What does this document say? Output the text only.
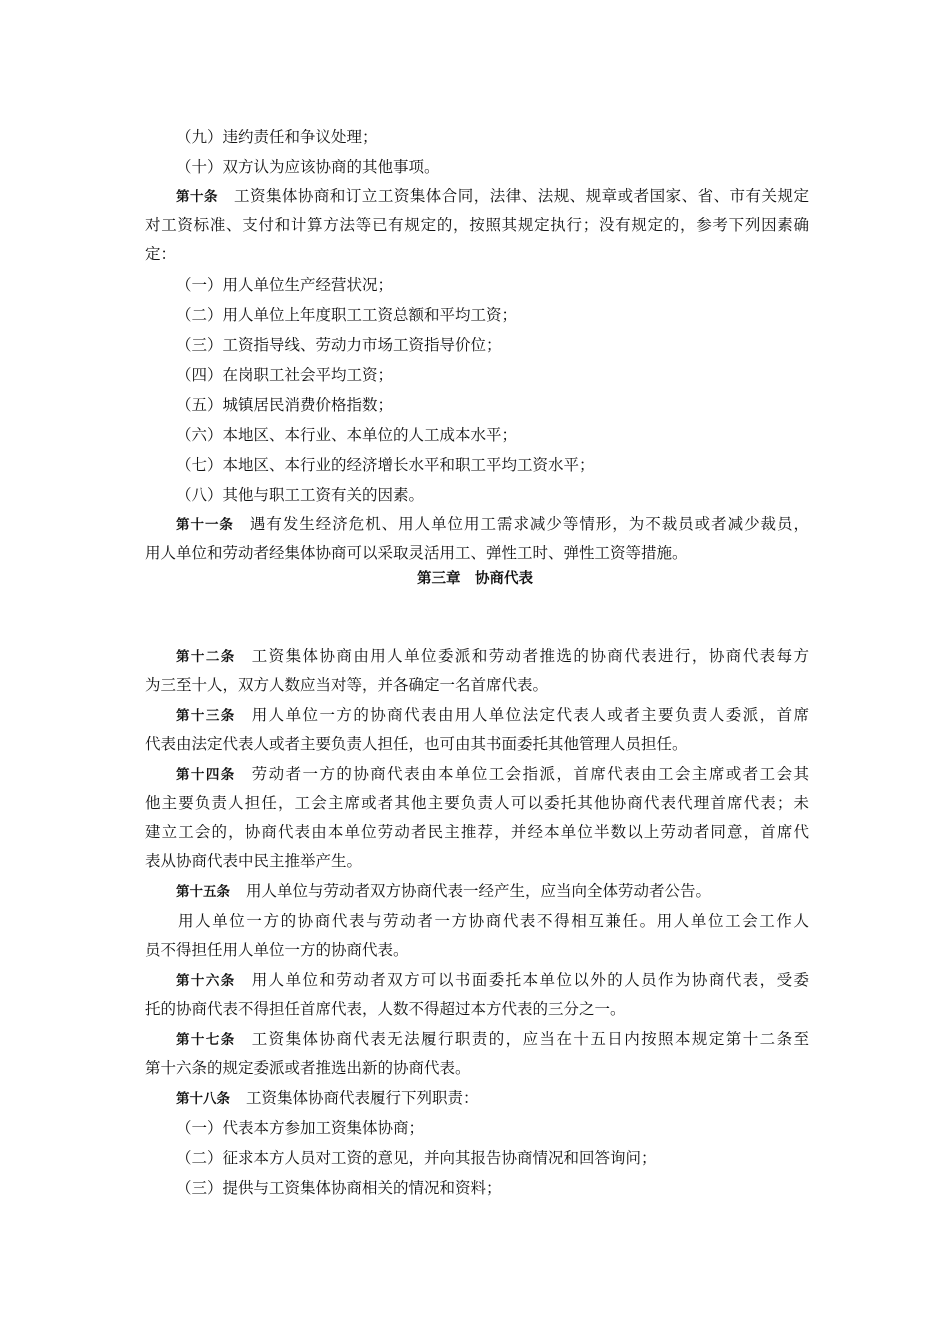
（九）违约责任和争议处理；
（十）双方认为应该协商的其他事项。
第十条 工资集体协商和订立工资集体合同，法律、法规、规章或者国家、省、市有关规定
对工资标准、支付和计算方法等已有规定的，按照其规定执行；没有规定的，参考下列因素确
定：
（一）用人单位生产经营状况；
（二）用人单位上年度职工工资总额和平均工资；
（三）工资指导线、劳动力市场工资指导价位；
（四）在岗职工社会平均工资；
（五）城镇居民消费价格指数；
（六）本地区、本行业、本单位的人工成本水平；
（七）本地区、本行业的经济增长水平和职工平均工资水平；
（八）其他与职工工资有关的因素。
第十一条 遇有发生经济危机、用人单位用工需求减少等情形，为不裁员或者减少裁员，
用人单位和劳动者经集体协商可以采取灵活用工、弹性工时、弹性工资等措施。
第三章　协商代表
第十二条 工资集体协商由用人单位委派和劳动者推选的协商代表进行，协商代表每方
为三至十人，双方人数应当对等，并各确定一名首席代表。
第十三条 用人单位一方的协商代表由用人单位法定代表人或者主要负责人委派，首席
代表由法定代表人或者主要负责人担任，也可由其书面委托其他管理人员担任。
第十四条 劳动者一方的协商代表由本单位工会指派，首席代表由工会主席或者工会其
他主要负责人担任，工会主席或者其他主要负责人可以委托其他协商代表代理首席代表；未
建立工会的，协商代表由本单位劳动者民主推荐，并经本单位半数以上劳动者同意，首席代
表从协商代表中民主推举产生。
第十五条 用人单位与劳动者双方协商代表一经产生，应当向全体劳动者公告。
用人单位一方的协商代表与劳动者一方协商代表不得相互兼任。用人单位工会工作人
员不得担任用人单位一方的协商代表。
第十六条 用人单位和劳动者双方可以书面委托本单位以外的人员作为协商代表，受委
托的协商代表不得担任首席代表，人数不得超过本方代表的三分之一。
第十七条 工资集体协商代表无法履行职责的，应当在十五日内按照本规定第十二条至
第十六条的规定委派或者推选出新的协商代表。
第十八条 工资集体协商代表履行下列职责：
（一）代表本方参加工资集体协商；
（二）征求本方人员对工资的意见，并向其报告协商情况和回答询问；
（三）提供与工资集体协商相关的情况和资料；
